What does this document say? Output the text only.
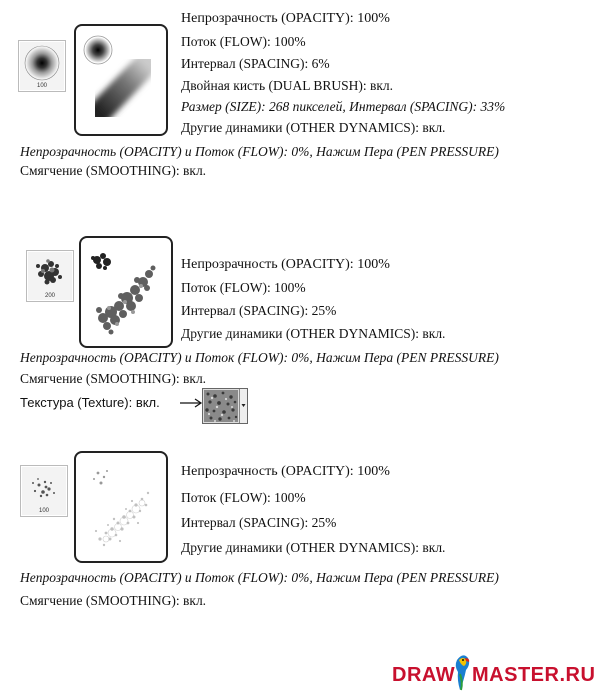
100
Непрозрачность (OPACITY): 100%
Поток (FLOW): 100%
Интервал (SPACING): 6%
Двойная кисть (DUAL BRUSH): вкл.
Размер (SIZE): 268 пикселей, Интервал (SPACING): 33%
Другие динамики (OTHER DYNAMICS): вкл.
Непрозрачность (OPACITY) и Поток (FLOW): 0%, Нажим Пера (PEN PRESSURE)
Смягчение (SMOOTHING): вкл.
200
Непрозрачность (OPACITY): 100%
Поток (FLOW): 100%
Интервал (SPACING): 25%
Другие динамики (OTHER DYNAMICS): вкл.
Непрозрачность (OPACITY) и Поток (FLOW): 0%, Нажим Пера (PEN PRESSURE)
Смягчение (SMOOTHING): вкл.
Текстура (Texture): вкл.
100
Непрозрачность (OPACITY): 100%
Поток (FLOW): 100%
Интервал (SPACING): 25%
Другие динамики (OTHER DYNAMICS): вкл.
Непрозрачность (OPACITY) и Поток (FLOW): 0%, Нажим Пера (PEN PRESSURE)
Смягчение (SMOOTHING): вкл.
DRAW MASTER.RU
